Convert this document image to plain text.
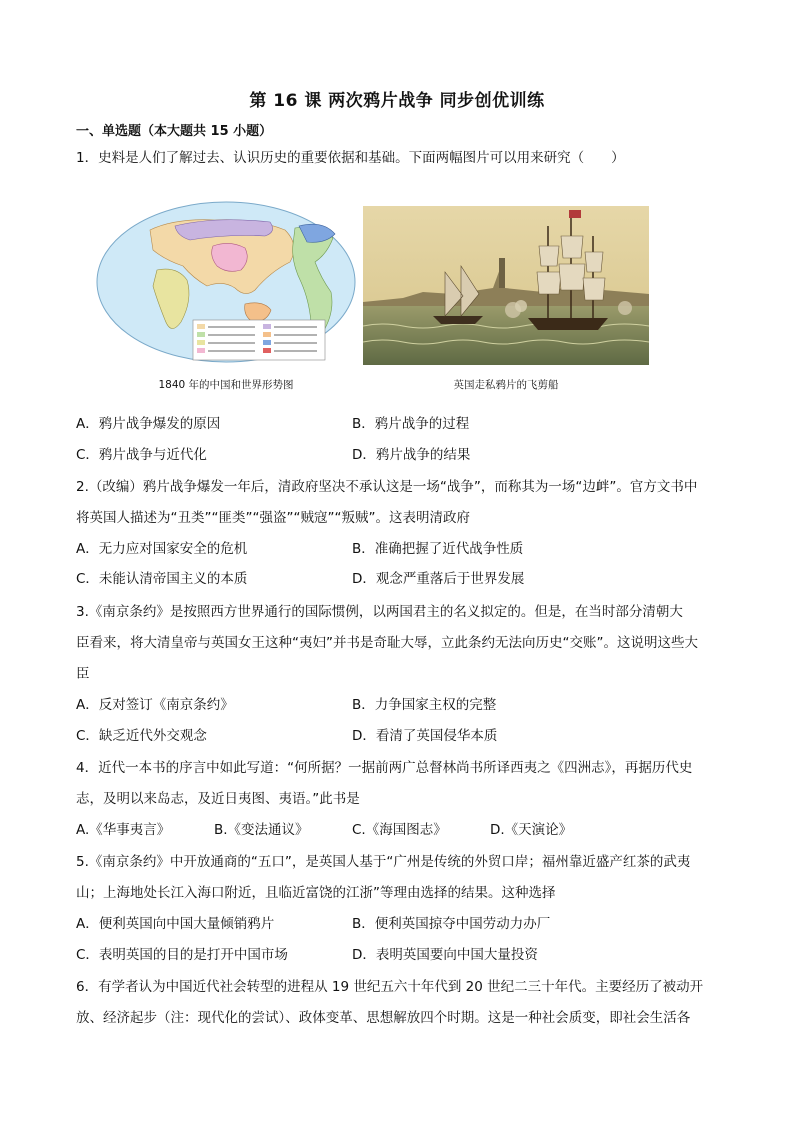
第 16 课 两次鸦片战争 同步创优训练
一、单选题（本大题共 15 小题）
1．史料是人们了解过去、认识历史的重要依据和基础。下面两幅图片可以用来研究（　　）
1840 年的中国和世界形势图	英国走私鸦片的飞剪船
A．鸦片战争爆发的原因	B．鸦片战争的过程
C．鸦片战争与近代化	D．鸦片战争的结果
2.（改编）鸦片战争爆发一年后，清政府坚决不承认这是一场“战争”，而称其为一场“边衅”。官方文书中
将英国人描述为“丑类”“匪类”“强盗”“贼寇”“叛贼”。这表明清政府
A．无力应对国家安全的危机	B．准确把握了近代战争性质
C．未能认清帝国主义的本质	D．观念严重落后于世界发展
3.《南京条约》是按照西方世界通行的国际惯例，以两国君主的名义拟定的。但是，在当时部分清朝大
臣看来，将大清皇帝与英国女王这种“夷妇”并书是奇耻大辱，立此条约无法向历史“交账”。这说明这些大
臣
A．反对签订《南京条约》	B．力争国家主权的完整
C．缺乏近代外交观念	D．看清了英国侵华本质
4．近代一本书的序言中如此写道：“何所据？一据前两广总督林尚书所译西夷之《四洲志》，再据历代史
志，及明以来岛志，及近日夷图、夷语。”此书是
A.《华事夷言》	B.《变法通议》	C.《海国图志》	D.《天演论》
5.《南京条约》中开放通商的“五口”，是英国人基于“广州是传统的外贸口岸；福州靠近盛产红茶的武夷
山；上海地处长江入海口附近，且临近富饶的江浙”等理由选择的结果。这种选择
A．便利英国向中国大量倾销鸦片	B．便利英国掠夺中国劳动力办厂
C．表明英国的目的是打开中国市场	D．表明英国要向中国大量投资
6．有学者认为中国近代社会转型的进程从 19 世纪五六十年代到 20 世纪二三十年代。主要经历了被动开
放、经济起步（注：现代化的尝试）、政体变革、思想解放四个时期。这是一种社会质变，即社会生活各
